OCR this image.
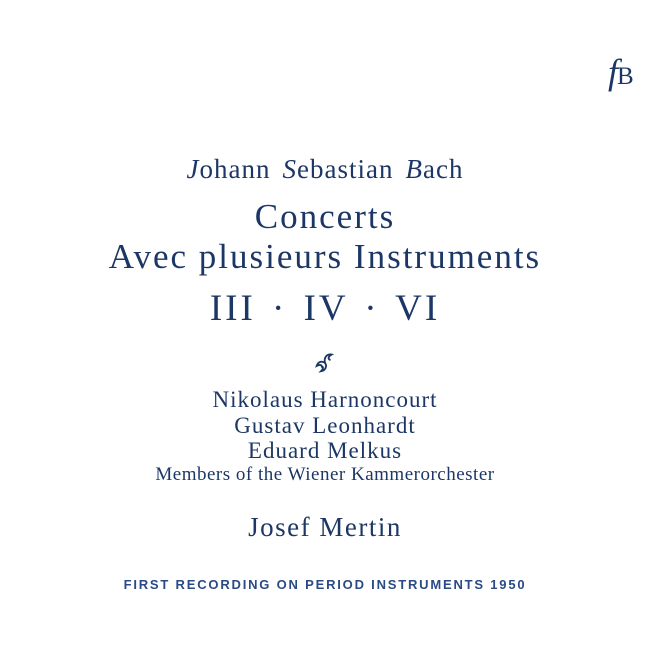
f
B
Johann Sebastian Bach
Concerts
Avec plusieurs Instruments
III · IV · VI
Nikolaus Harnoncourt
Gustav Leonhardt
Eduard Melkus
Members of the Wiener Kammerorchester
Josef Mertin
FIRST RECORDING ON PERIOD INSTRUMENTS 1950
